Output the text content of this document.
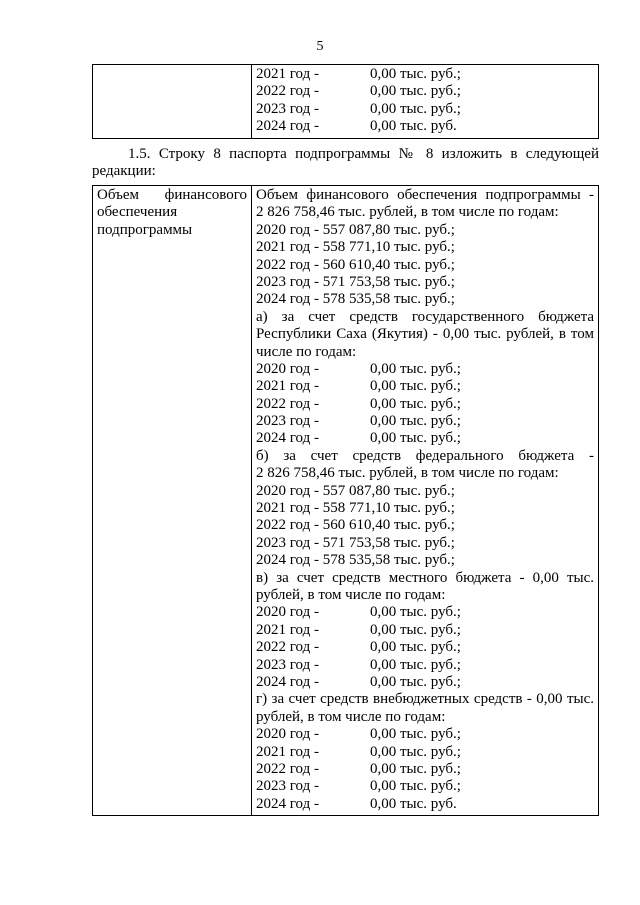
5

2021 год -	0,00 тыс. руб.;
2022 год -	0,00 тыс. руб.;
2023 год -	0,00 тыс. руб.;
2024 год -	0,00 тыс. руб.
1.5. Строку 8 паспорта подпрограммы № 8 изложить в следующей
редакции:
Объем финансового
обеспечения
подпрограммы

Объем финансового обеспечения подпрограммы -
2 826 758,46 тыс. рублей, в том числе по годам:
2020 год - 557 087,80 тыс. руб.;
2021 год - 558 771,10 тыс. руб.;
2022 год - 560 610,40 тыс. руб.;
2023 год - 571 753,58 тыс. руб.;
2024 год - 578 535,58 тыс. руб.;
а) за счет средств государственного бюджета
Республики Саха (Якутия) - 0,00 тыс. рублей, в том
числе по годам:
2020 год -	0,00 тыс. руб.;
2021 год -	0,00 тыс. руб.;
2022 год -	0,00 тыс. руб.;
2023 год -	0,00 тыс. руб.;
2024 год -	0,00 тыс. руб.;
б) за счет средств федерального бюджета -
2 826 758,46 тыс. рублей, в том числе по годам:
2020 год - 557 087,80 тыс. руб.;
2021 год - 558 771,10 тыс. руб.;
2022 год - 560 610,40 тыс. руб.;
2023 год - 571 753,58 тыс. руб.;
2024 год - 578 535,58 тыс. руб.;
в) за счет средств местного бюджета - 0,00 тыс.
рублей, в том числе по годам:
2020 год -	0,00 тыс. руб.;
2021 год -	0,00 тыс. руб.;
2022 год -	0,00 тыс. руб.;
2023 год -	0,00 тыс. руб.;
2024 год -	0,00 тыс. руб.;
г) за счет средств внебюджетных средств - 0,00 тыс.
рублей, в том числе по годам:
2020 год -	0,00 тыс. руб.;
2021 год -	0,00 тыс. руб.;
2022 год -	0,00 тыс. руб.;
2023 год -	0,00 тыс. руб.;
2024 год -	0,00 тыс. руб.
